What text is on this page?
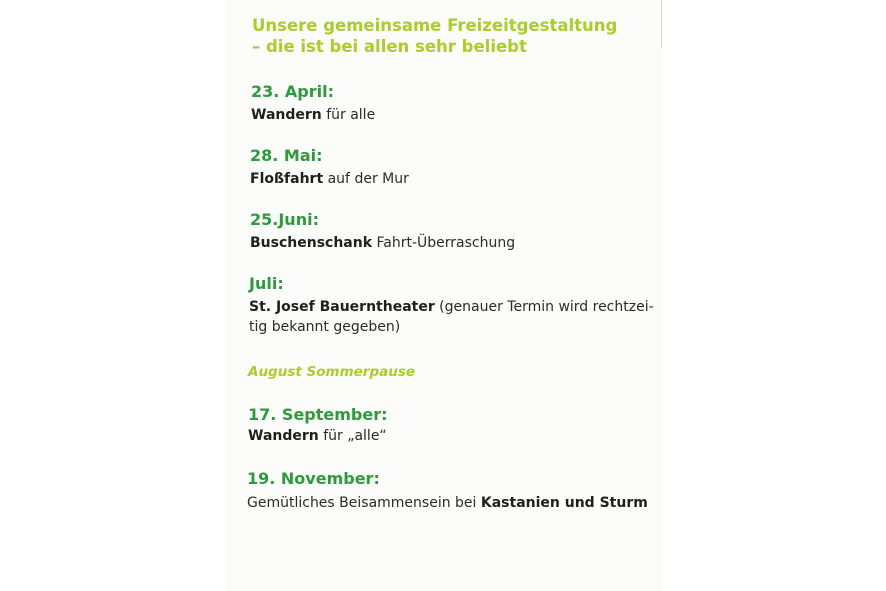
Unsere gemeinsame Freizeitgestaltung
– die ist bei allen sehr beliebt
23. April:
Wandern für alle
28. Mai:
Floßfahrt auf der Mur
25.Juni:
Buschenschank Fahrt-Überraschung
Juli:
St. Josef Bauerntheater (genauer Termin wird rechtzei-
tig bekannt gegeben)
August Sommerpause
17. September:
Wandern für „alle“
19. November:
Gemütliches Beisammensein bei Kastanien und Sturm
